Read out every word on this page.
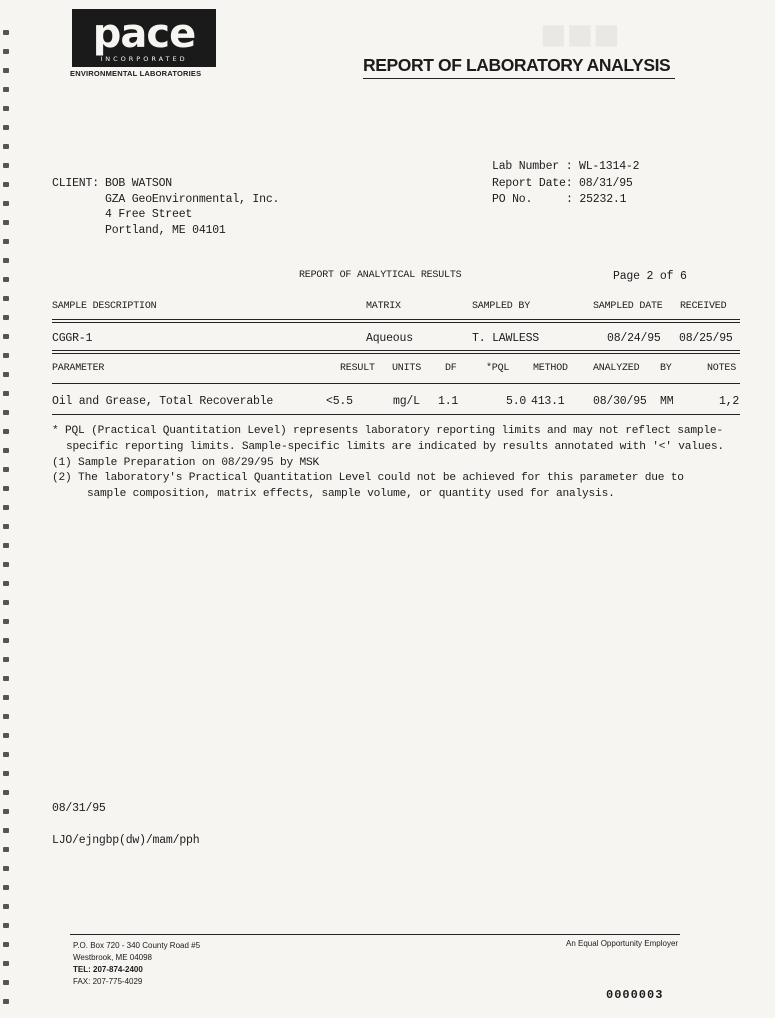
■■■
pace
INCORPORATED
ENVIRONMENTAL LABORATORIES	REPORT OF LABORATORY ANALYSIS
Lab Number : WL-1314-2
Report Date: 08/31/95
PO No.	: 25232.1
CLIENT: BOB WATSON
GZA GeoEnvironmental, Inc.
4 Free Street
Portland, ME 04101
REPORT OF ANALYTICAL RESULTS	Page 2 of 6
SAMPLE DESCRIPTION	MATRIX	SAMPLED BY	SAMPLED DATE RECEIVED
CGGR-1	Aqueous	T. LAWLESS	08/24/95 08/25/95
PARAMETER	RESULT UNITS DF	*PQL METHOD	ANALYZED BY	NOTES
Oil and Grease, Total Recoverable	<5.5	mg/L 1.1	5.0 413.1 08/30/95 MM	1,2
* PQL (Practical Quantitation Level) represents laboratory reporting limits and may not reflect sample-
specific reporting limits. Sample-specific limits are indicated by results annotated with '<' values.
(1) Sample Preparation on 08/29/95 by MSK
(2) The laboratory's Practical Quantitation Level could not be achieved for this parameter due to
sample composition, matrix effects, sample volume, or quantity used for analysis.
08/31/95
LJO/ejngbp(dw)/mam/pph
P.O. Box 720 - 340 County Road #5
Westbrook, ME 04098
TEL: 207-874-2400
FAX: 207-775-4029
An Equal Opportunity Employer
0000003
